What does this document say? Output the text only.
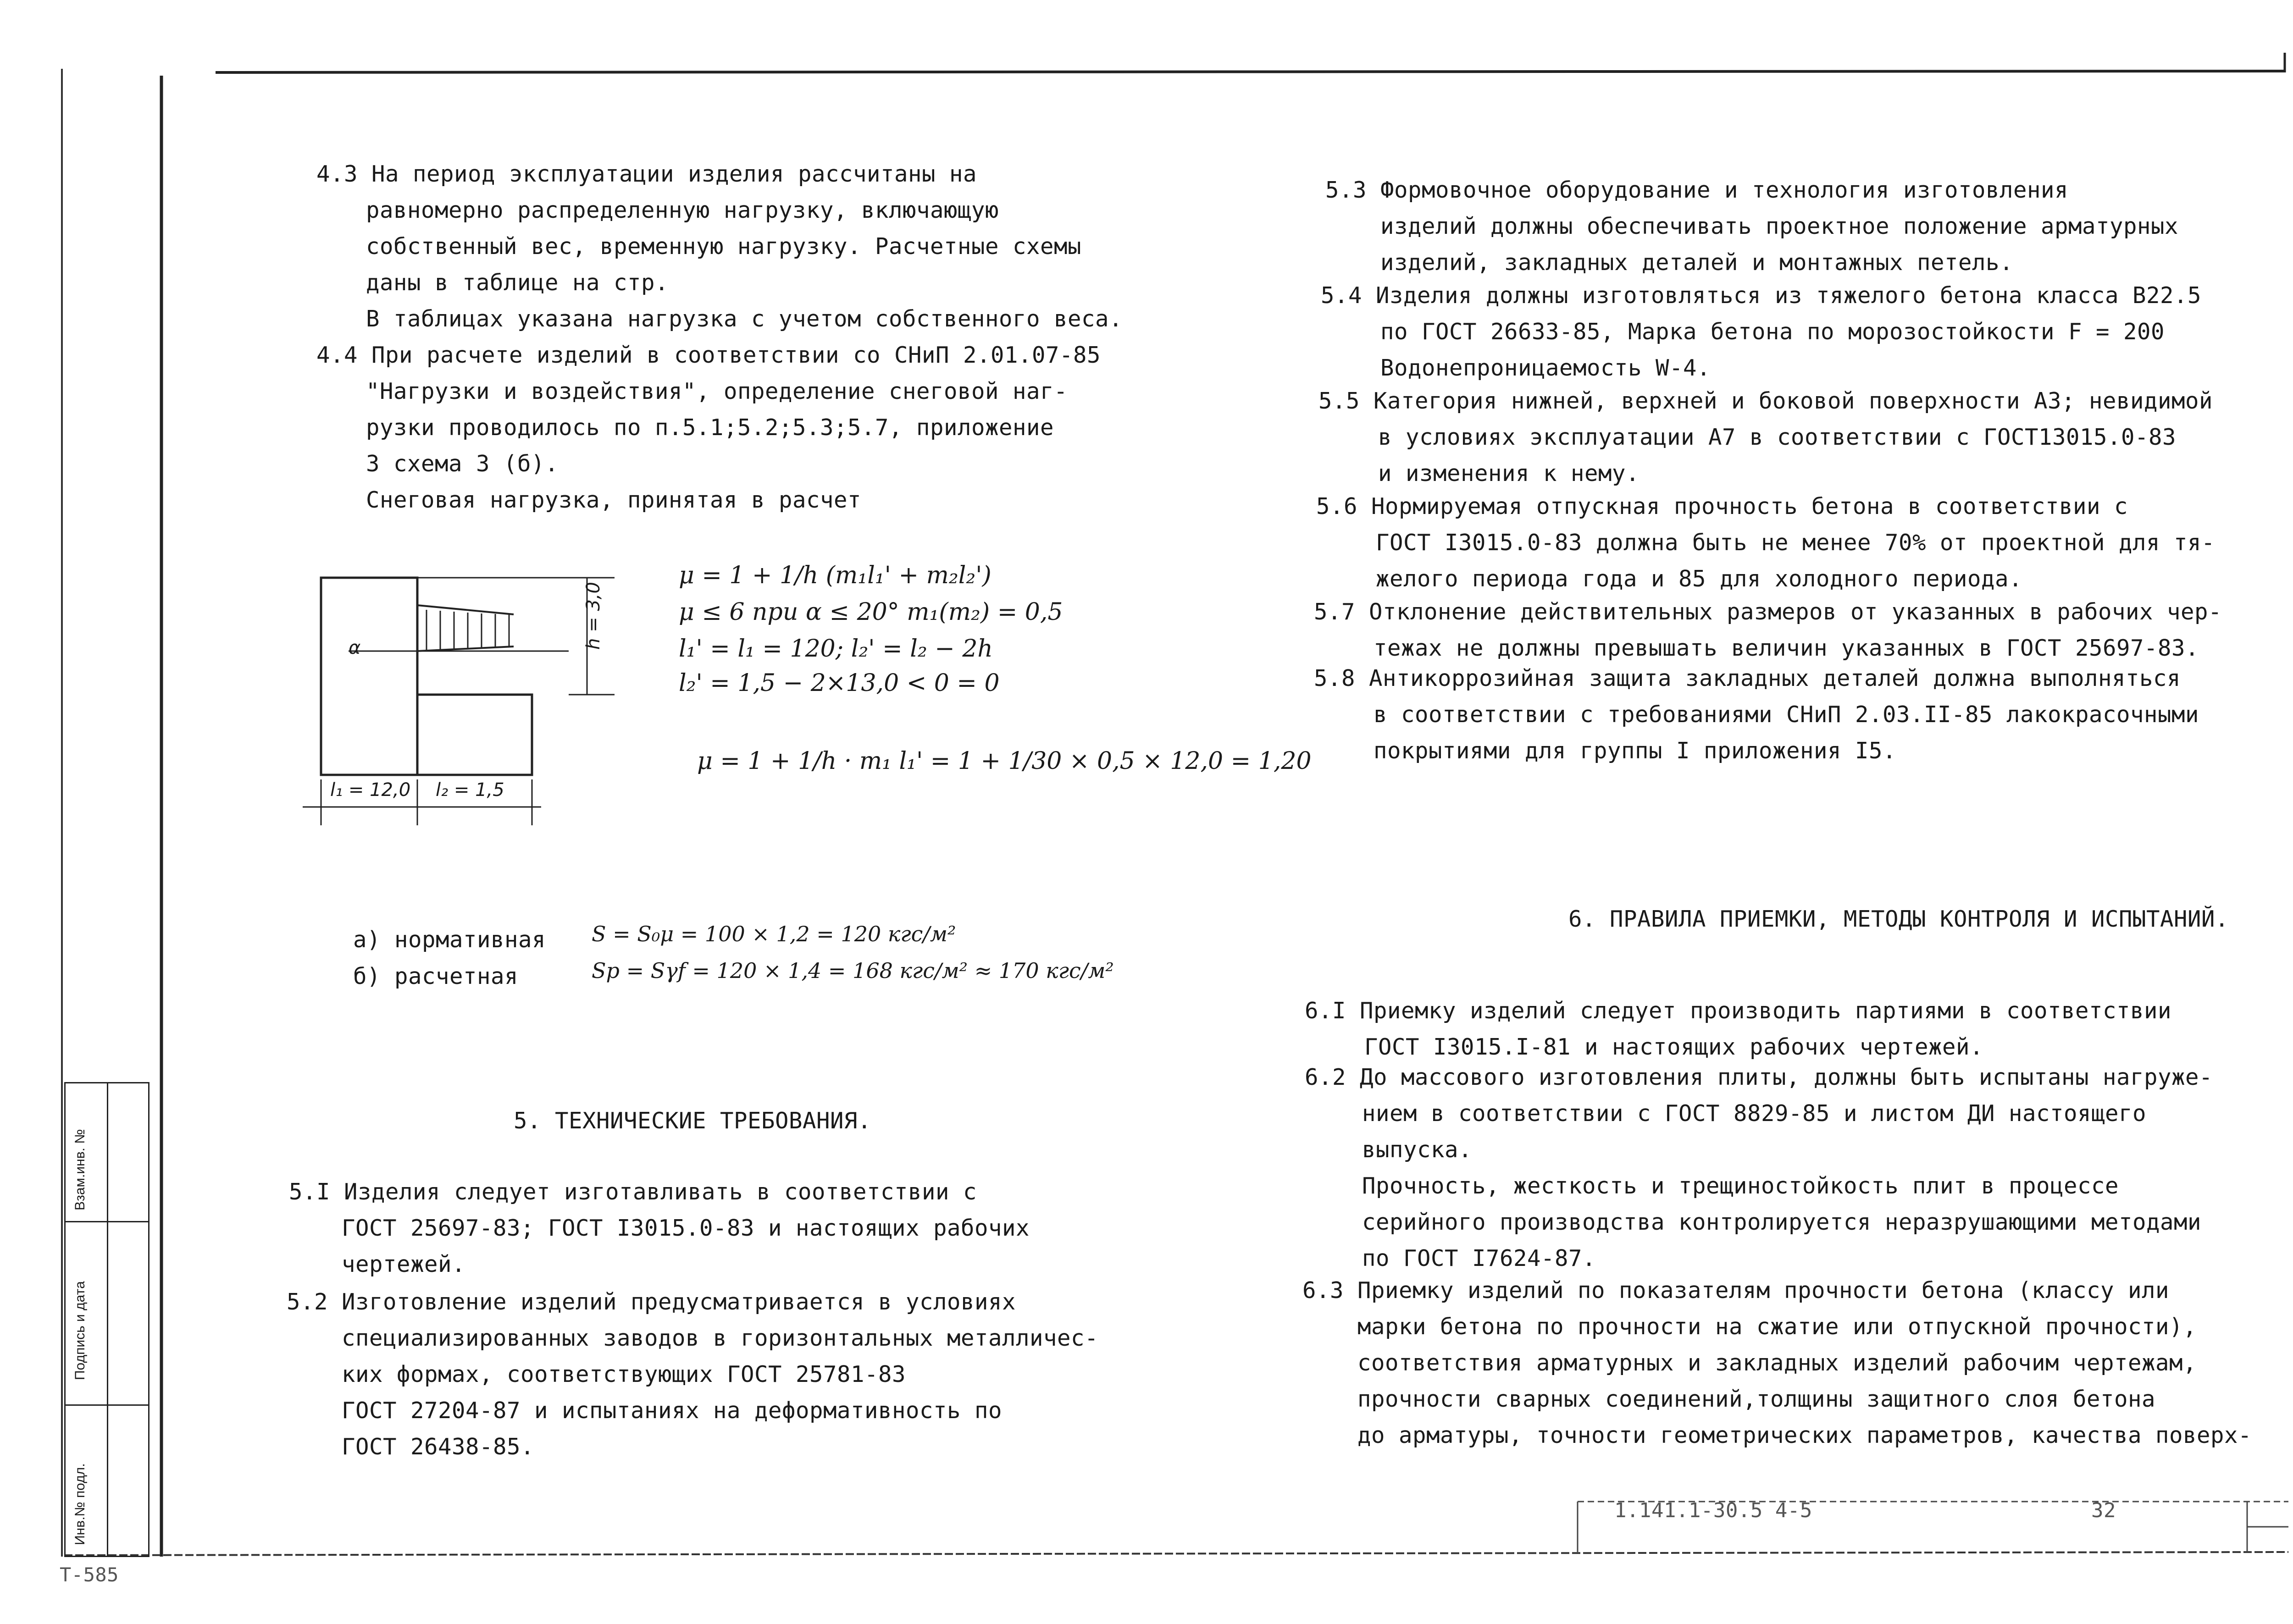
Взам.инв. №
Подпись и дата
Инв.№ подл.
4.3 На период эксплуатации изделия рассчитаны на
равномерно распределенную нагрузку, включающую
собственный вес, временную нагрузку. Расчетные схемы
даны в таблице на стр.
В таблицах указана нагрузка с учетом собственного веса.
4.4 При расчете изделий в соответствии со СНиП 2.01.07-85
"Нагрузки и воздействия", определение снеговой наг-
рузки проводилось по п.5.1;5.2;5.3;5.7, приложение
3 схема 3 (б).
Снеговая нагрузка, принятая в расчет
h = 3,0
l₁ = 12,0 l₂ = 1,5
α
μ = 1 + 1/h (m₁l₁' + m₂l₂')
μ ≤ 6 при α ≤ 20° m₁(m₂) = 0,5
l₁' = l₁ = 120; l₂' = l₂ − 2h
l₂' = 1,5 − 2×13,0 < 0 = 0
μ = 1 + 1/h · m₁ l₁' = 1 + 1/30 × 0,5 × 12,0 = 1,20
а) нормативная S = S₀μ = 100 × 1,2 = 120 кгс/м²
б) расчетная	Sр = Sγf = 120 × 1,4 = 168 кгс/м² ≈ 170 кгс/м²
5. ТЕХНИЧЕСКИЕ ТРЕБОВАНИЯ.
5.I Изделия следует изготавливать в соответствии с
ГОСТ 25697-83; ГОСТ I3015.0-83 и настоящих рабочих
чертежей.
5.2 Изготовление изделий предусматривается в условиях
специализированных заводов в горизонтальных металличес-
ких формах, соответствующих ГОСТ 25781-83
ГОСТ 27204-87 и испытаниях на деформативность по
ГОСТ 26438-85.
5.3 Формовочное оборудование и технология изготовления
изделий должны обеспечивать проектное положение арматурных
изделий, закладных деталей и монтажных петель.
5.4 Изделия должны изготовляться из тяжелого бетона класса B22.5
по ГОСТ 26633-85, Марка бетона по морозостойкости F = 200
Водонепроницаемость W-4.
5.5 Категория нижней, верхней и боковой поверхности А3; невидимой
в условиях эксплуатации А7 в соответствии с ГОСТ13015.0-83
и изменения к нему.
5.6 Нормируемая отпускная прочность бетона в соответствии с
ГОСТ I3015.0-83 должна быть не менее 70% от проектной для тя-
желого периода года и 85 для холодного периода.
5.7 Отклонение действительных размеров от указанных в рабочих чер-
тежах не должны превышать величин указанных в ГОСТ 25697-83.
5.8 Антикоррозийная защита закладных деталей должна выполняться
в соответствии с требованиями СНиП 2.03.II-85 лакокрасочными
покрытиями для группы I приложения I5.
6. ПРАВИЛА ПРИЕМКИ, МЕТОДЫ КОНТРОЛЯ И ИСПЫТАНИЙ.
6.I Приемку изделий следует производить партиями в соответствии
ГОСТ I3015.I-81 и настоящих рабочих чертежей.
6.2 До массового изготовления плиты, должны быть испытаны нагруже-
нием в соответствии с ГОСТ 8829-85 и листом ДИ настоящего
выпуска.
Прочность, жесткость и трещиностойкость плит в процессе
серийного производства контролируется неразрушающими методами
по ГОСТ I7624-87.
6.3 Приемку изделий по показателям прочности бетона (классу или
марки бетона по прочности на сжатие или отпускной прочности),
соответствия арматурных и закладных изделий рабочим чертежам,
прочности сварных соединений,толщины защитного слоя бетона
до арматуры, точности геометрических параметров, качества поверх-
1.141.1-30.5 4-5	32
Т-585
